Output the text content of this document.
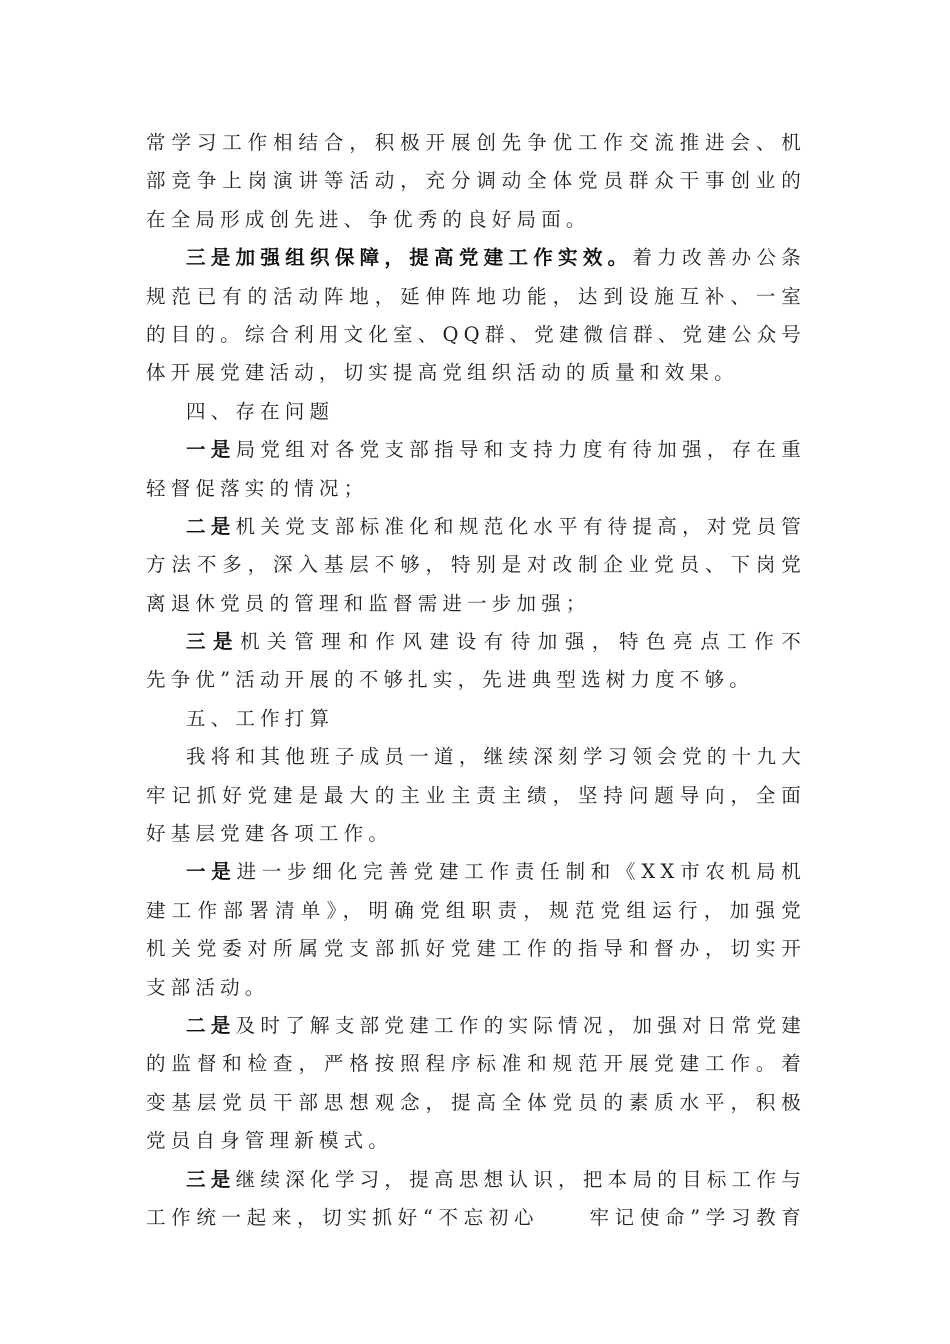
常学习工作相结合，积极开展创先争优工作交流推进会、机
部竞争上岗演讲等活动，充分调动全体党员群众干事创业的
在全局形成创先进、争优秀的良好局面。
三是加强组织保障，提高党建工作实效。着力改善办公条
规范已有的活动阵地，延伸阵地功能，达到设施互补、一室
的目的。综合利用文化室、QQ群、党建微信群、党建公众号
体开展党建活动，切实提高党组织活动的质量和效果。
四、存在问题
一是局党组对各党支部指导和支持力度有待加强，存在重
轻督促落实的情况；
二是机关党支部标准化和规范化水平有待提高，对党员管
方法不多，深入基层不够，特别是对改制企业党员、下岗党
离退休党员的管理和监督需进一步加强；
三是机关管理和作风建设有待加强，特色亮点工作不
先争优”活动开展的不够扎实，先进典型选树力度不够。
五、工作打算
我将和其他班子成员一道，继续深刻学习领会党的十九大
牢记抓好党建是最大的主业主责主绩，坚持问题导向，全面
好基层党建各项工作。
一是进一步细化完善党建工作责任制和《XX市农机局机
建工作部署清单》，明确党组职责，规范党组运行，加强党
机关党委对所属党支部抓好党建工作的指导和督办，切实开
支部活动。
二是及时了解支部党建工作的实际情况，加强对日常党建
的监督和检查，严格按照程序标准和规范开展党建工作。着
变基层党员干部思想观念，提高全体党员的素质水平，积极
党员自身管理新模式。
三是继续深化学习，提高思想认识，把本局的目标工作与
工作统一起来，切实抓好“不忘初心　　牢记使命”学习教育
